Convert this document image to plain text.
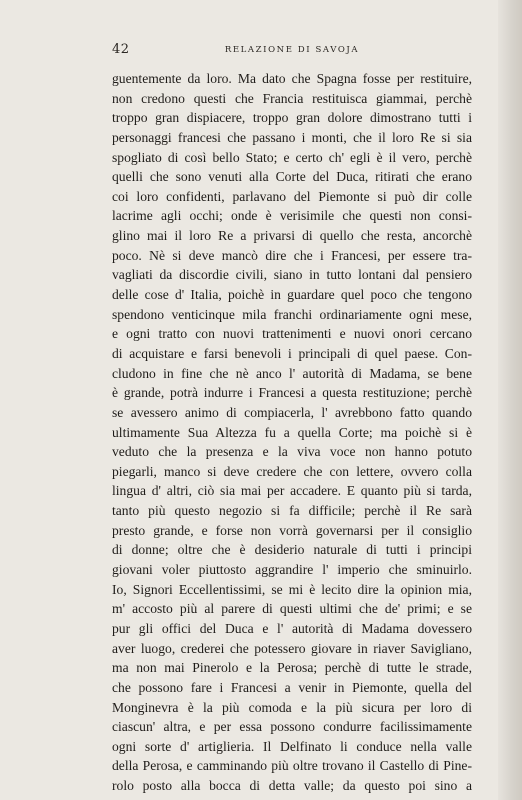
42	RELAZIONE DI SAVOJA
guentemente da loro. Ma dato che Spagna fosse per restituire,
non credono questi che Francia restituisca giammai, perchè
troppo gran dispiacere, troppo gran dolore dimostrano tutti i
personaggi francesi che passano i monti, che il loro Re si sia
spogliato di così bello Stato; e certo ch' egli è il vero, perchè
quelli che sono venuti alla Corte del Duca, ritirati che erano
coi loro confidenti, parlavano del Piemonte si può dir colle
lacrime agli occhi; onde è verisimile che questi non consi-
glino mai il loro Re a privarsi di quello che resta, ancorchè
poco. Nè si deve mancò dire che i Francesi, per essere tra-
vagliati da discordie civili, siano in tutto lontani dal pensiero
delle cose d' Italia, poichè in guardare quel poco che tengono
spendono venticinque mila franchi ordinariamente ogni mese,
e ogni tratto con nuovi trattenimenti e nuovi onori cercano
di acquistare e farsi benevoli i principali di quel paese. Con-
cludono in fine che nè anco l' autorità di Madama, se bene
è grande, potrà indurre i Francesi a questa restituzione; perchè
se avessero animo di compiacerla, l' avrebbono fatto quando
ultimamente Sua Altezza fu a quella Corte; ma poichè si è
veduto che la presenza e la viva voce non hanno potuto
piegarli, manco si deve credere che con lettere, ovvero colla
lingua d' altri, ciò sia mai per accadere. E quanto più si tarda,
tanto più questo negozio si fa difficile; perchè il Re sarà
presto grande, e forse non vorrà governarsi per il consiglio
di donne; oltre che è desiderio naturale di tutti i principi
giovani voler piuttosto aggrandire l' imperio che sminuirlo.
Io, Signori Eccellentissimi, se mi è lecito dire la opinion mia,
m' accosto più al parere di questi ultimi che de' primi; e se
pur gli offici del Duca e l' autorità di Madama dovessero
aver luogo, crederei che potessero giovare in riaver Savigliano,
ma non mai Pinerolo e la Perosa; perchè di tutte le strade,
che possono fare i Francesi a venir in Piemonte, quella del
Monginevra è la più comoda e la più sicura per loro di
ciascun' altra, e per essa possono condurre facilissimamente
ogni sorte d' artiglieria. Il Delfinato li conduce nella valle
della Perosa, e camminando più oltre trovano il Castello di Pine-
rolo posto alla bocca di detta valle; da questo poi sino a
